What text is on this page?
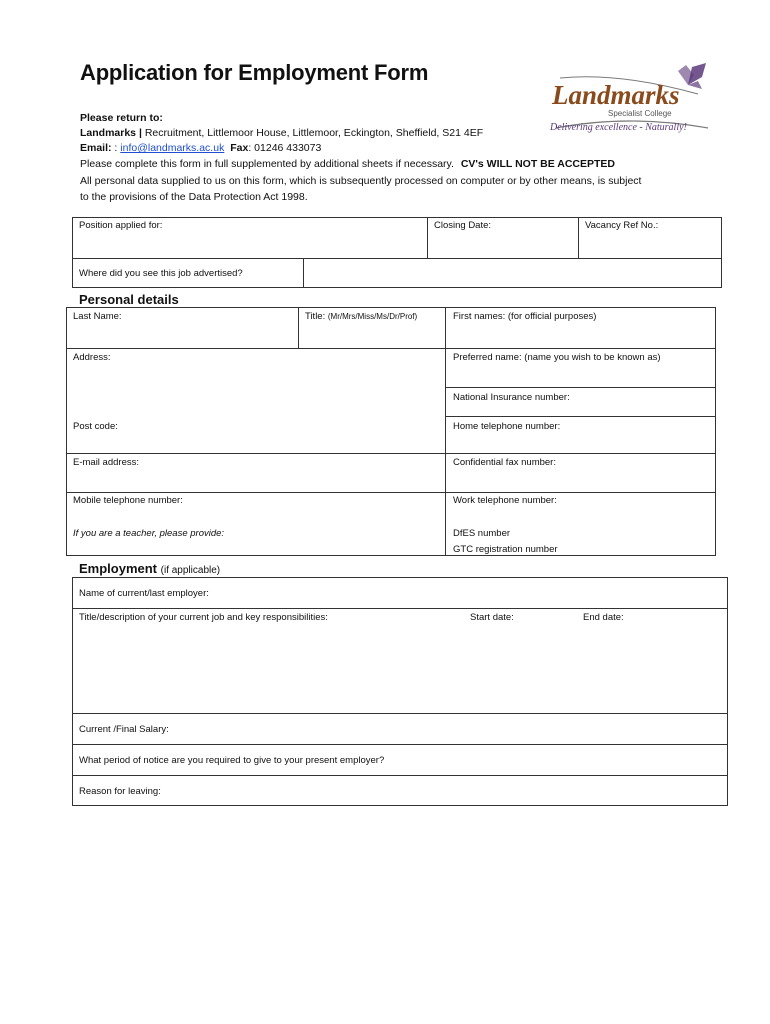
Application for Employment Form
Please return to:
Landmarks | Recruitment, Littlemoor House, Littlemoor, Eckington, Sheffield, S21 4EF
Email: : info@landmarks.ac.uk Fax: 01246 433073
Please complete this form in full supplemented by additional sheets if necessary. CV's WILL NOT BE ACCEPTED
All personal data supplied to us on this form, which is subsequently processed on computer or by other means, is subject
to the provisions of the Data Protection Act 1998.
Landmarks
Specialist College
Delivering excellence - Naturally!
Position applied for:	Closing Date:	Vacancy Ref No.:
Where did you see this job advertised?
Personal details
Last Name:	Title: (Mr/Mrs/Miss/Ms/Dr/Prof)	First names: (for official purposes)
Address:	Preferred name: (name you wish to be known as)
National Insurance number:
Post code:	Home telephone number:
E-mail address:	Confidential fax number:
Mobile telephone number:	Work telephone number:
If you are a teacher, please provide:	DfES number
GTC registration number
Employment (if applicable)
Name of current/last employer:
Title/description of your current job and key responsibilities:	Start date:	End date:
Current /Final Salary:
What period of notice are you required to give to your present employer?
Reason for leaving:
